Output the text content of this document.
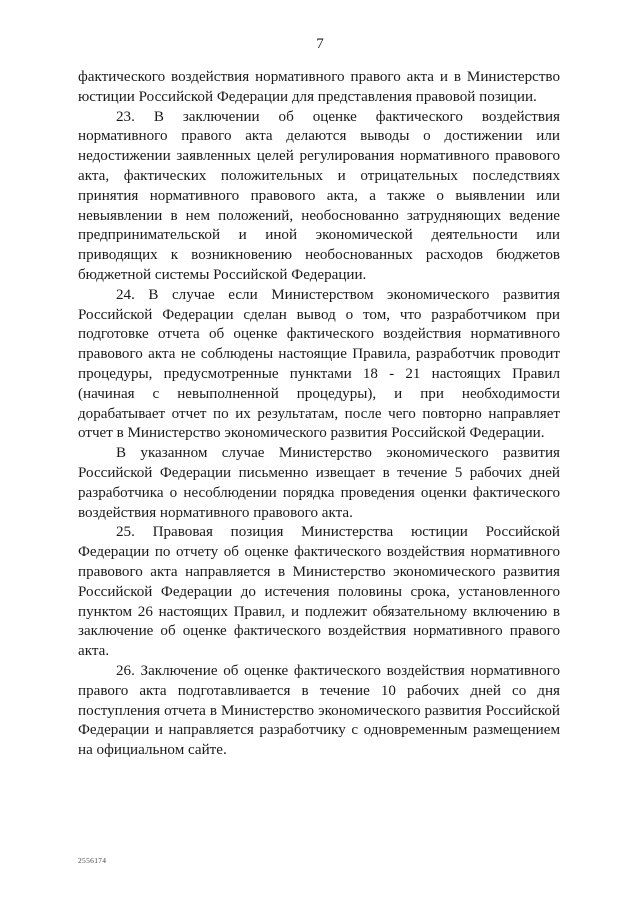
7

фактического воздействия нормативного правого акта и в Министерство юстиции Российской Федерации для представления правовой позиции.

23. В заключении об оценке фактического воздействия нормативного правого акта делаются выводы о достижении или недостижении заявленных целей регулирования нормативного правового акта, фактических положительных и отрицательных последствиях принятия нормативного правового акта, а также о выявлении или невыявлении в нем положений, необоснованно затрудняющих ведение предпринимательской и иной экономической деятельности или приводящих к возникновению необоснованных расходов бюджетов бюджетной системы Российской Федерации.

24. В случае если Министерством экономического развития Российской Федерации сделан вывод о том, что разработчиком при подготовке отчета об оценке фактического воздействия нормативного правового акта не соблюдены настоящие Правила, разработчик проводит процедуры, предусмотренные пунктами 18 - 21 настоящих Правил (начиная с невыполненной процедуры), и при необходимости дорабатывает отчет по их результатам, после чего повторно направляет отчет в Министерство экономического развития Российской Федерации.

В указанном случае Министерство экономического развития Российской Федерации письменно извещает в течение 5 рабочих дней разработчика о несоблюдении порядка проведения оценки фактического воздействия нормативного правового акта.

25. Правовая позиция Министерства юстиции Российской Федерации по отчету об оценке фактического воздействия нормативного правового акта направляется в Министерство экономического развития Российской Федерации до истечения половины срока, установленного пунктом 26 настоящих Правил, и подлежит обязательному включению в заключение об оценке фактического воздействия нормативного правого акта.

26. Заключение об оценке фактического воздействия нормативного правого акта подготавливается в течение 10 рабочих дней со дня поступления отчета в Министерство экономического развития Российской Федерации и направляется разработчику с одновременным размещением на официальном сайте.

2556174
